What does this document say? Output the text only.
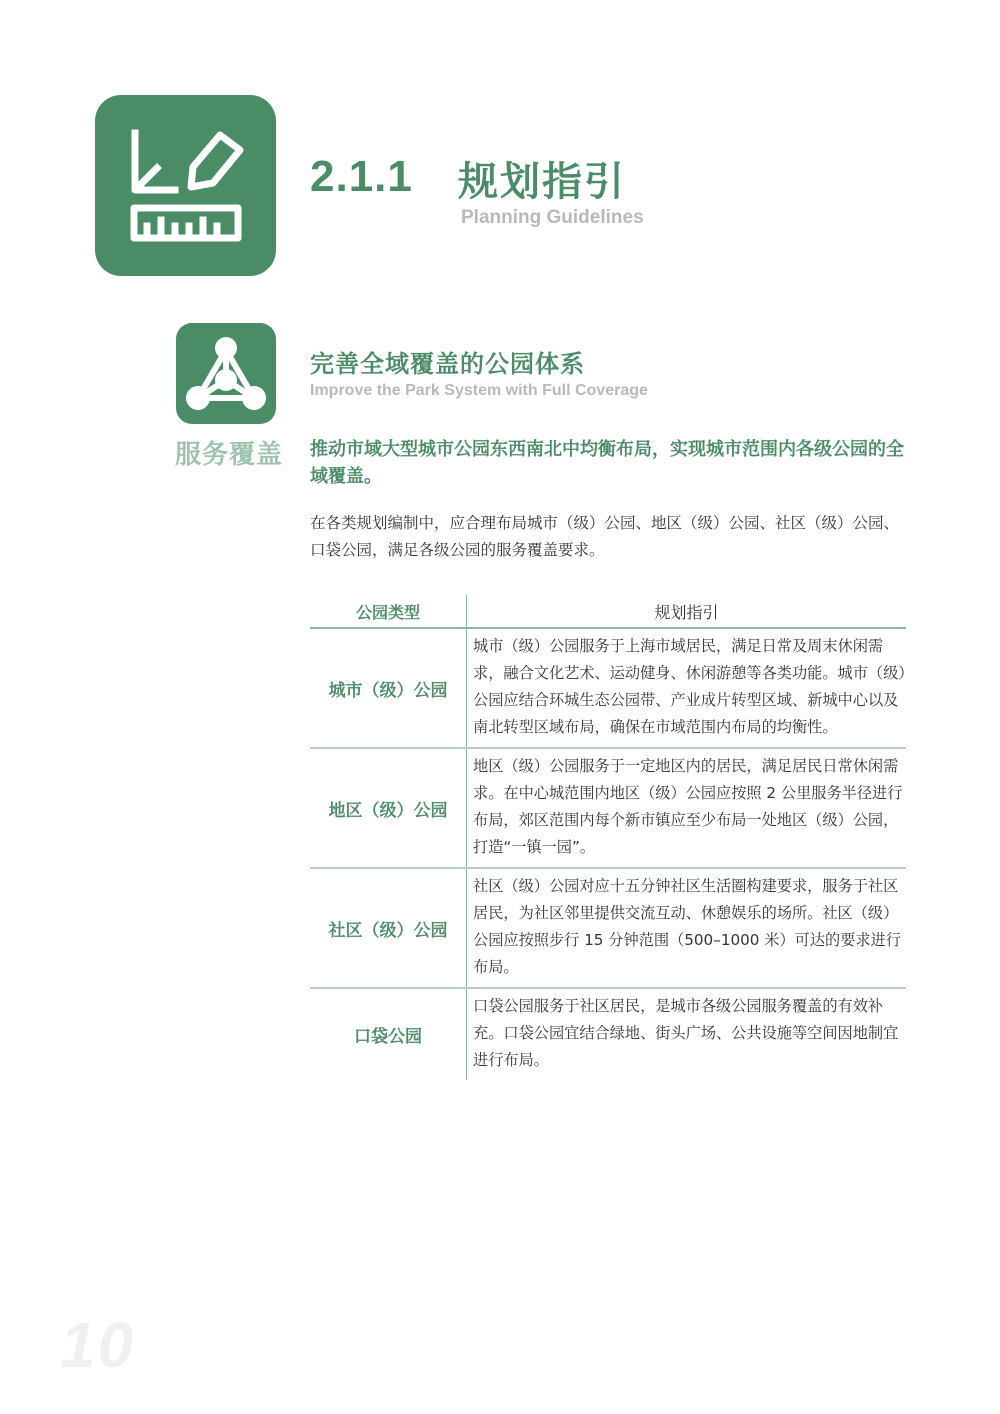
2.1.1 规划指引
Planning Guidelines
服务覆盖
完善全域覆盖的公园体系
Improve the Park System with Full Coverage
推动市域大型城市公园东西南北中均衡布局，实现城市范围内各级公园的全域覆盖。
在各类规划编制中，应合理布局城市（级）公园、地区（级）公园、社区（级）公园、口袋公园，满足各级公园的服务覆盖要求。
公园类型	规划指引
城市（级）公园	城市（级）公园服务于上海市域居民，满足日常及周末休闲需求，融合文化艺术、运动健身、休闲游憩等各类功能。城市（级）公园应结合环城生态公园带、产业成片转型区域、新城中心以及南北转型区域布局，确保在市域范围内布局的均衡性。
地区（级）公园	地区（级）公园服务于一定地区内的居民，满足居民日常休闲需求。在中心城范围内地区（级）公园应按照 2 公里服务半径进行布局，郊区范围内每个新市镇应至少布局一处地区（级）公园，打造“一镇一园”。
社区（级）公园	社区（级）公园对应十五分钟社区生活圈构建要求，服务于社区居民，为社区邻里提供交流互动、休憩娱乐的场所。社区（级）公园应按照步行 15 分钟范围（500–1000 米）可达的要求进行布局。
口袋公园	口袋公园服务于社区居民，是城市各级公园服务覆盖的有效补充。口袋公园宜结合绿地、街头广场、公共设施等空间因地制宜进行布局。
10
